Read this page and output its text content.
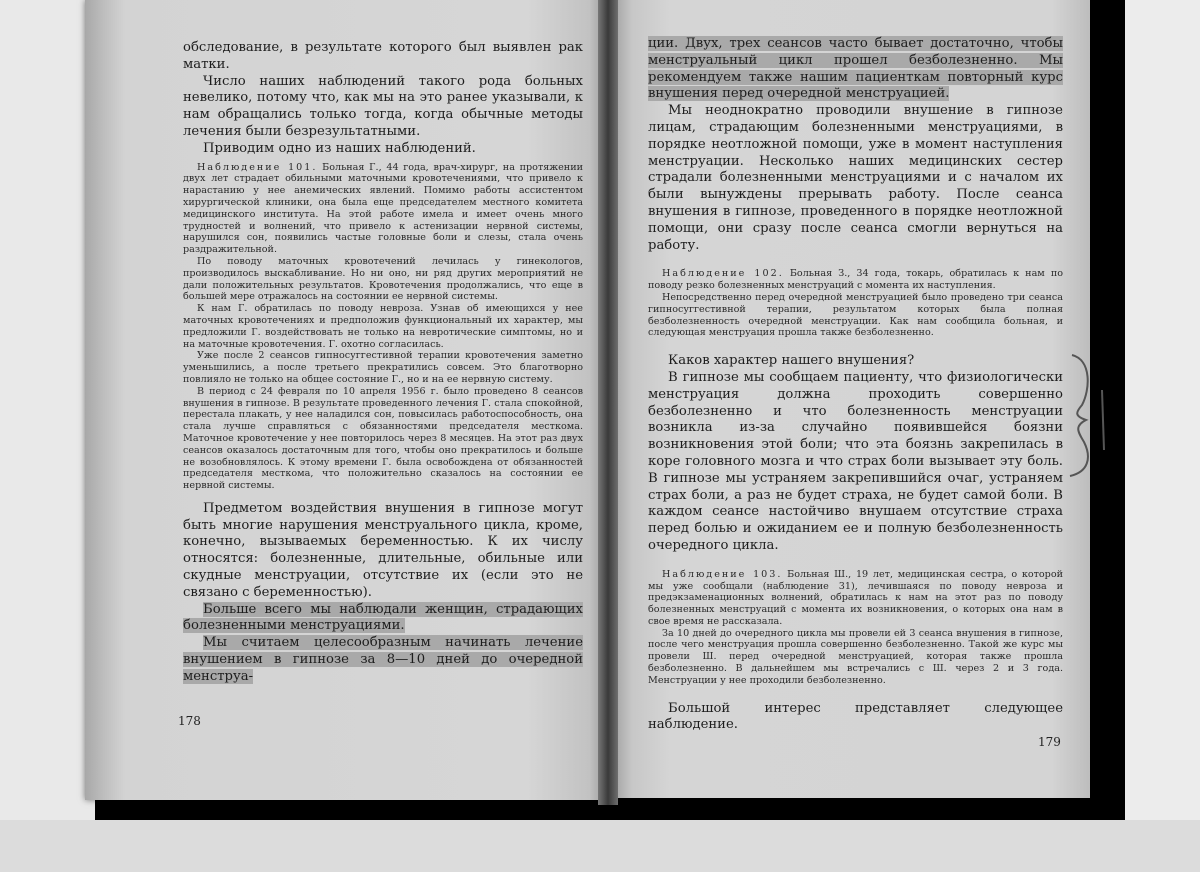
обследование, в результате которого был выявлен рак матки.

Число наших наблюдений такого рода больных невелико, потому что, как мы на это ранее указывали, к нам обращались только тогда, когда обычные методы лечения были безрезультатными.

Приводим одно из наших наблюдений.

Наблюдение 101. Больная Г., 44 года, врач-хирург, на протяжении двух лет страдает обильными маточными кровотечениями, что привело к нарастанию у нее анемических явлений. Помимо работы ассистентом хирургической клиники, она была еще председателем местного комитета медицинского института. На этой работе имела и имеет очень много трудностей и волнений, что привело к астенизации нервной системы, нарушился сон, появились частые головные боли и слезы, стала очень раздражительной.

По поводу маточных кровотечений лечилась у гинекологов, производилось выскабливание. Но ни оно, ни ряд других мероприятий не дали положительных результатов. Кровотечения продолжались, что еще в большей мере отражалось на состоянии ее нервной системы.

К нам Г. обратилась по поводу невроза. Узнав об имеющихся у нее маточных кровотечениях и предположив функциональный их характер, мы предложили Г. воздействовать не только на невротические симптомы, но и на маточные кровотечения. Г. охотно согласилась.

Уже после 2 сеансов гипносуггестивной терапии кровотечения заметно уменьшились, а после третьего прекратились совсем. Это благотворно повлияло не только на общее состояние Г., но и на ее нервную систему.

В период с 24 февраля по 10 апреля 1956 г. было проведено 8 сеансов внушения в гипнозе. В результате проведенного лечения Г. стала спокойной, перестала плакать, у нее наладился сон, повысилась работоспособность, она стала лучше справляться с обязанностями председателя месткома. Маточное кровотечение у нее повторилось через 8 месяцев. На этот раз двух сеансов оказалось достаточным для того, чтобы оно прекратилось и больше не возобновлялось. К этому времени Г. была освобождена от обязанностей председателя месткома, что положительно сказалось на состоянии ее нервной системы.

Предметом воздействия внушения в гипнозе могут быть многие нарушения менструального цикла, кроме, конечно, вызываемых беременностью. К их числу относятся: болезненные, длительные, обильные или скудные менструации, отсутствие их (если это не связано с беременностью).

Больше всего мы наблюдали женщин, страдающих болезненными менструациями.

Мы считаем целесообразным начинать лечение внушением в гипнозе за 8—10 дней до очередной менструа-

178

ции. Двух, трех сеансов часто бывает достаточно, чтобы менструальный цикл прошел безболезненно. Мы рекомендуем также нашим пациенткам повторный курс внушения перед очередной менструацией.

Мы неоднократно проводили внушение в гипнозе лицам, страдающим болезненными менструациями, в порядке неотложной помощи, уже в момент наступления менструации. Несколько наших медицинских сестер страдали болезненными менструациями и с началом их были вынуждены прерывать работу. После сеанса внушения в гипнозе, проведенного в порядке неотложной помощи, они сразу после сеанса смогли вернуться на работу.

Наблюдение 102. Больная З., 34 года, токарь, обратилась к нам по поводу резко болезненных менструаций с момента их наступления.

Непосредственно перед очередной менструацией было проведено три сеанса гипносуггестивной терапии, результатом которых была полная безболезненность очередной менструации. Как нам сообщила больная, и следующая менструация прошла также безболезненно.

Каков характер нашего внушения?

В гипнозе мы сообщаем пациенту, что физиологически менструация должна проходить совершенно безболезненно и что болезненность менструации возникла из-за случайно появившейся боязни возникновения этой боли; что эта боязнь закрепилась в коре головного мозга и что страх боли вызывает эту боль. В гипнозе мы устраняем закрепившийся очаг, устраняем страх боли, а раз не будет страха, не будет самой боли. В каждом сеансе настойчиво внушаем отсутствие страха перед болью и ожиданием ее и полную безболезненность очередного цикла.

Наблюдение 103. Больная Ш., 19 лет, медицинская сестра, о которой мы уже сообщали (наблюдение 31), лечившаяся по поводу невроза и предэкзаменационных волнений, обратилась к нам на этот раз по поводу болезненных менструаций с момента их возникновения, о которых она нам в свое время не рассказала.

За 10 дней до очередного цикла мы провели ей 3 сеанса внушения в гипнозе, после чего менструация прошла совершенно безболезненно. Такой же курс мы провели Ш. перед очередной менструацией, которая также прошла безболезненно. В дальнейшем мы встречались с Ш. через 2 и 3 года. Менструации у нее проходили безболезненно.

Большой интерес представляет следующее наблюдение.

179
